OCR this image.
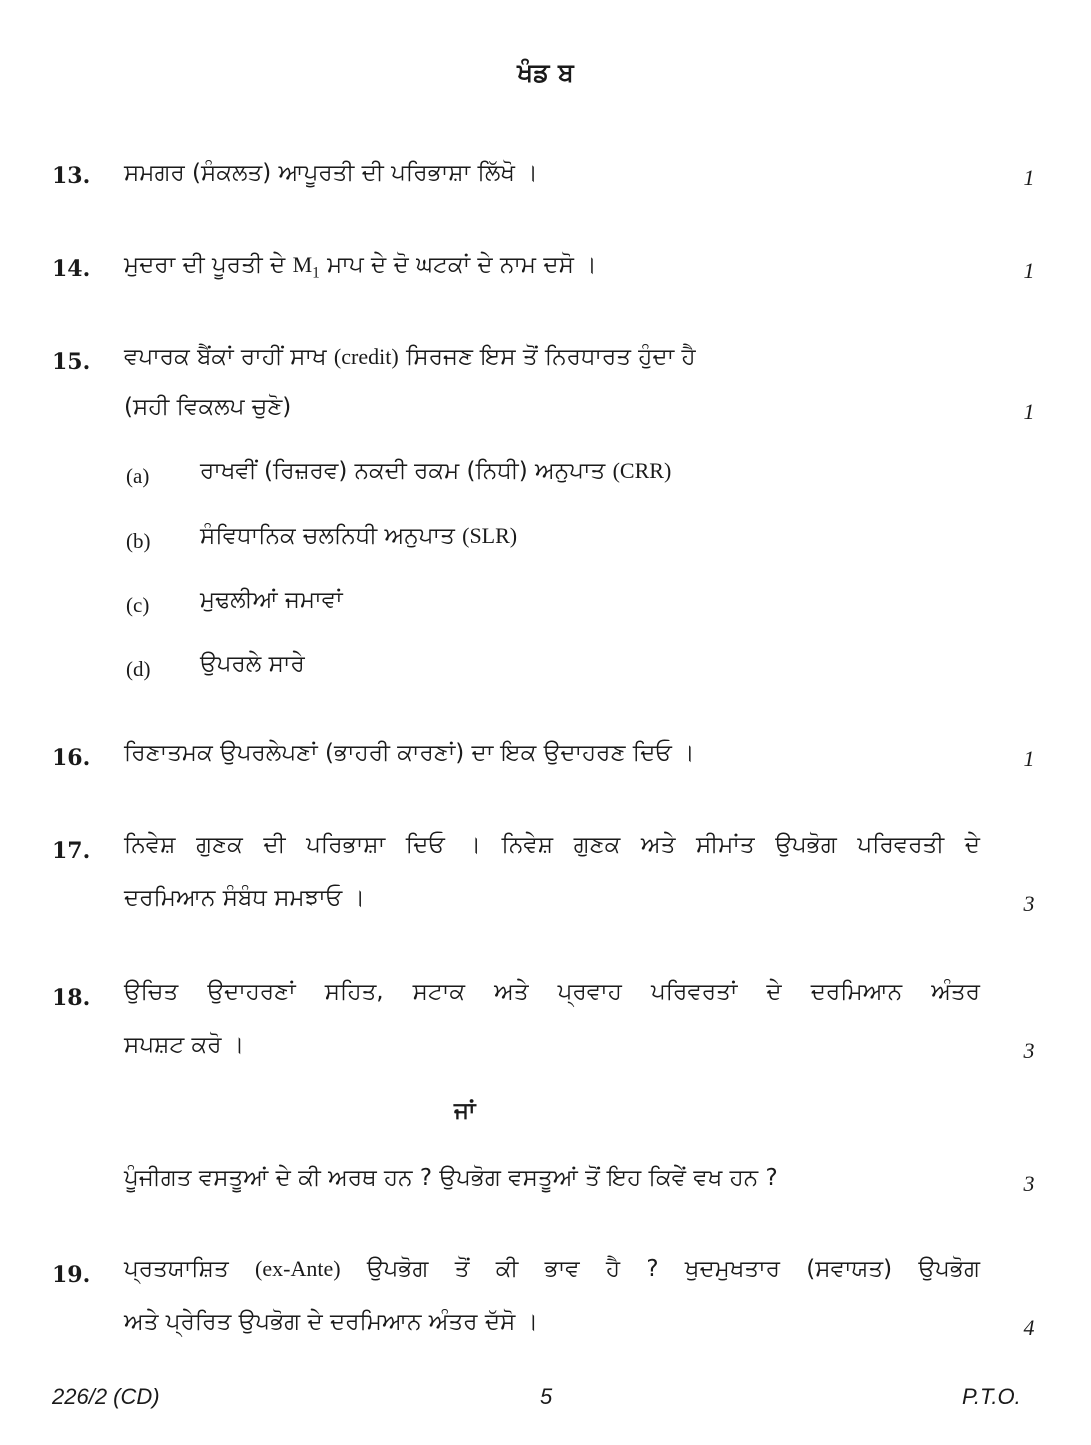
ਖੰਡ ਬ
13. ਸਮਗਰ (ਸੰਕਲਤ) ਆਪੂਰਤੀ ਦੀ ਪਰਿਭਾਸ਼ਾ ਲਿੱਖੋ ।	1
14. ਮੁਦਰਾ ਦੀ ਪੂਰਤੀ ਦੇ $M_1$ ਮਾਪ ਦੇ ਦੋ ਘਟਕਾਂ ਦੇ ਨਾਮ ਦਸੋ ।	1
15. ਵਪਾਰਕ ਬੈਂਕਾਂ ਰਾਹੀਂ ਸਾਖ (credit) ਸਿਰਜਣ ਇਸ ਤੋਂ ਨਿਰਧਾਰਤ ਹੁੰਦਾ ਹੈ
(ਸਹੀ ਵਿਕਲਪ ਚੁਣੋ)	1
(a) ਰਾਖਵੀਂ (ਰਿਜ਼ਰਵ) ਨਕਦੀ ਰਕਮ (ਨਿਧੀ) ਅਨੁਪਾਤ (CRR)
(b) ਸੰਵਿਧਾਨਿਕ ਚਲਨਿਧੀ ਅਨੁਪਾਤ (SLR)
(c) ਮੁਢਲੀਆਂ ਜਮਾਵਾਂ
(d) ਉਪਰਲੇ ਸਾਰੇ
16. ਰਿਣਾਤਮਕ ਉਪਰਲੇਪਣਾਂ (ਭਾਹਰੀ ਕਾਰਣਾਂ) ਦਾ ਇਕ ਉਦਾਹਰਣ ਦਿਓ ।	1
17. ਨਿਵੇਸ਼ ਗੁਣਕ ਦੀ ਪਰਿਭਾਸ਼ਾ ਦਿਓ । ਨਿਵੇਸ਼ ਗੁਣਕ ਅਤੇ ਸੀਮਾਂਤ ਉਪਭੋਗ ਪਰਿਵਰਤੀ ਦੇ
ਦਰਮਿਆਨ ਸੰਬੰਧ ਸਮਝਾਓ ।	3
18. ਉਚਿਤ ਉਦਾਹਰਣਾਂ ਸਹਿਤ, ਸਟਾਕ ਅਤੇ ਪ੍ਰਵਾਹ ਪਰਿਵਰਤਾਂ ਦੇ ਦਰਮਿਆਨ ਅੰਤਰ
ਸਪਸ਼ਟ ਕਰੋ ।	3
ਜਾਂ
ਪੂੰਜੀਗਤ ਵਸਤੂਆਂ ਦੇ ਕੀ ਅਰਥ ਹਨ ? ਉਪਭੋਗ ਵਸਤੂਆਂ ਤੋਂ ਇਹ ਕਿਵੇਂ ਵਖ ਹਨ ?	3
19. ਪ੍ਰਤਯਾਸ਼ਿਤ (ex-Ante) ਉਪਭੋਗ ਤੋਂ ਕੀ ਭਾਵ ਹੈ ? ਖੁਦਮੁਖਤਾਰ (ਸਵਾਯਤ) ਉਪਭੋਗ
ਅਤੇ ਪ੍ਰੇਰਿਤ ਉਪਭੋਗ ਦੇ ਦਰਮਿਆਨ ਅੰਤਰ ਦੱਸੋ ।	4
226/2 (CD)	5	P.T.O.
